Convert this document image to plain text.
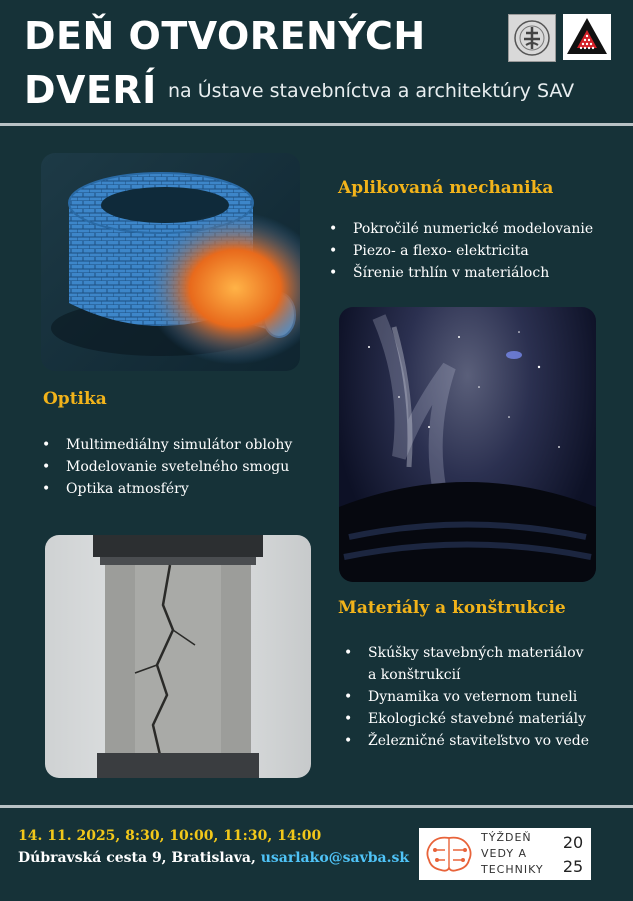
DEŇ OTVORENÝCH
DVERÍ na Ústave stavebníctva a architektúry SAV
Aplikovaná mechanika
• Pokročilé numerické modelovanie
• Piezo- a flexo- elektricita
• Šírenie trhlín v materiáloch
Optika
• Multimediálny simulátor oblohy
• Modelovanie svetelného smogu
• Optika atmosféry
Materiály a konštrukcie
• Skúšky stavebných materiálov
a konštrukcií
• Dynamika vo veternom tuneli
• Ekologické stavebné materiály
• Železničné staviteľstvo vo vede
14. 11. 2025, 8:30, 10:00, 11:30, 14:00
Dúbravská cesta 9, Bratislava, usarlako@savba.sk
TÝŽDEŇ
VEDY A
TECHNIKY
20
25
